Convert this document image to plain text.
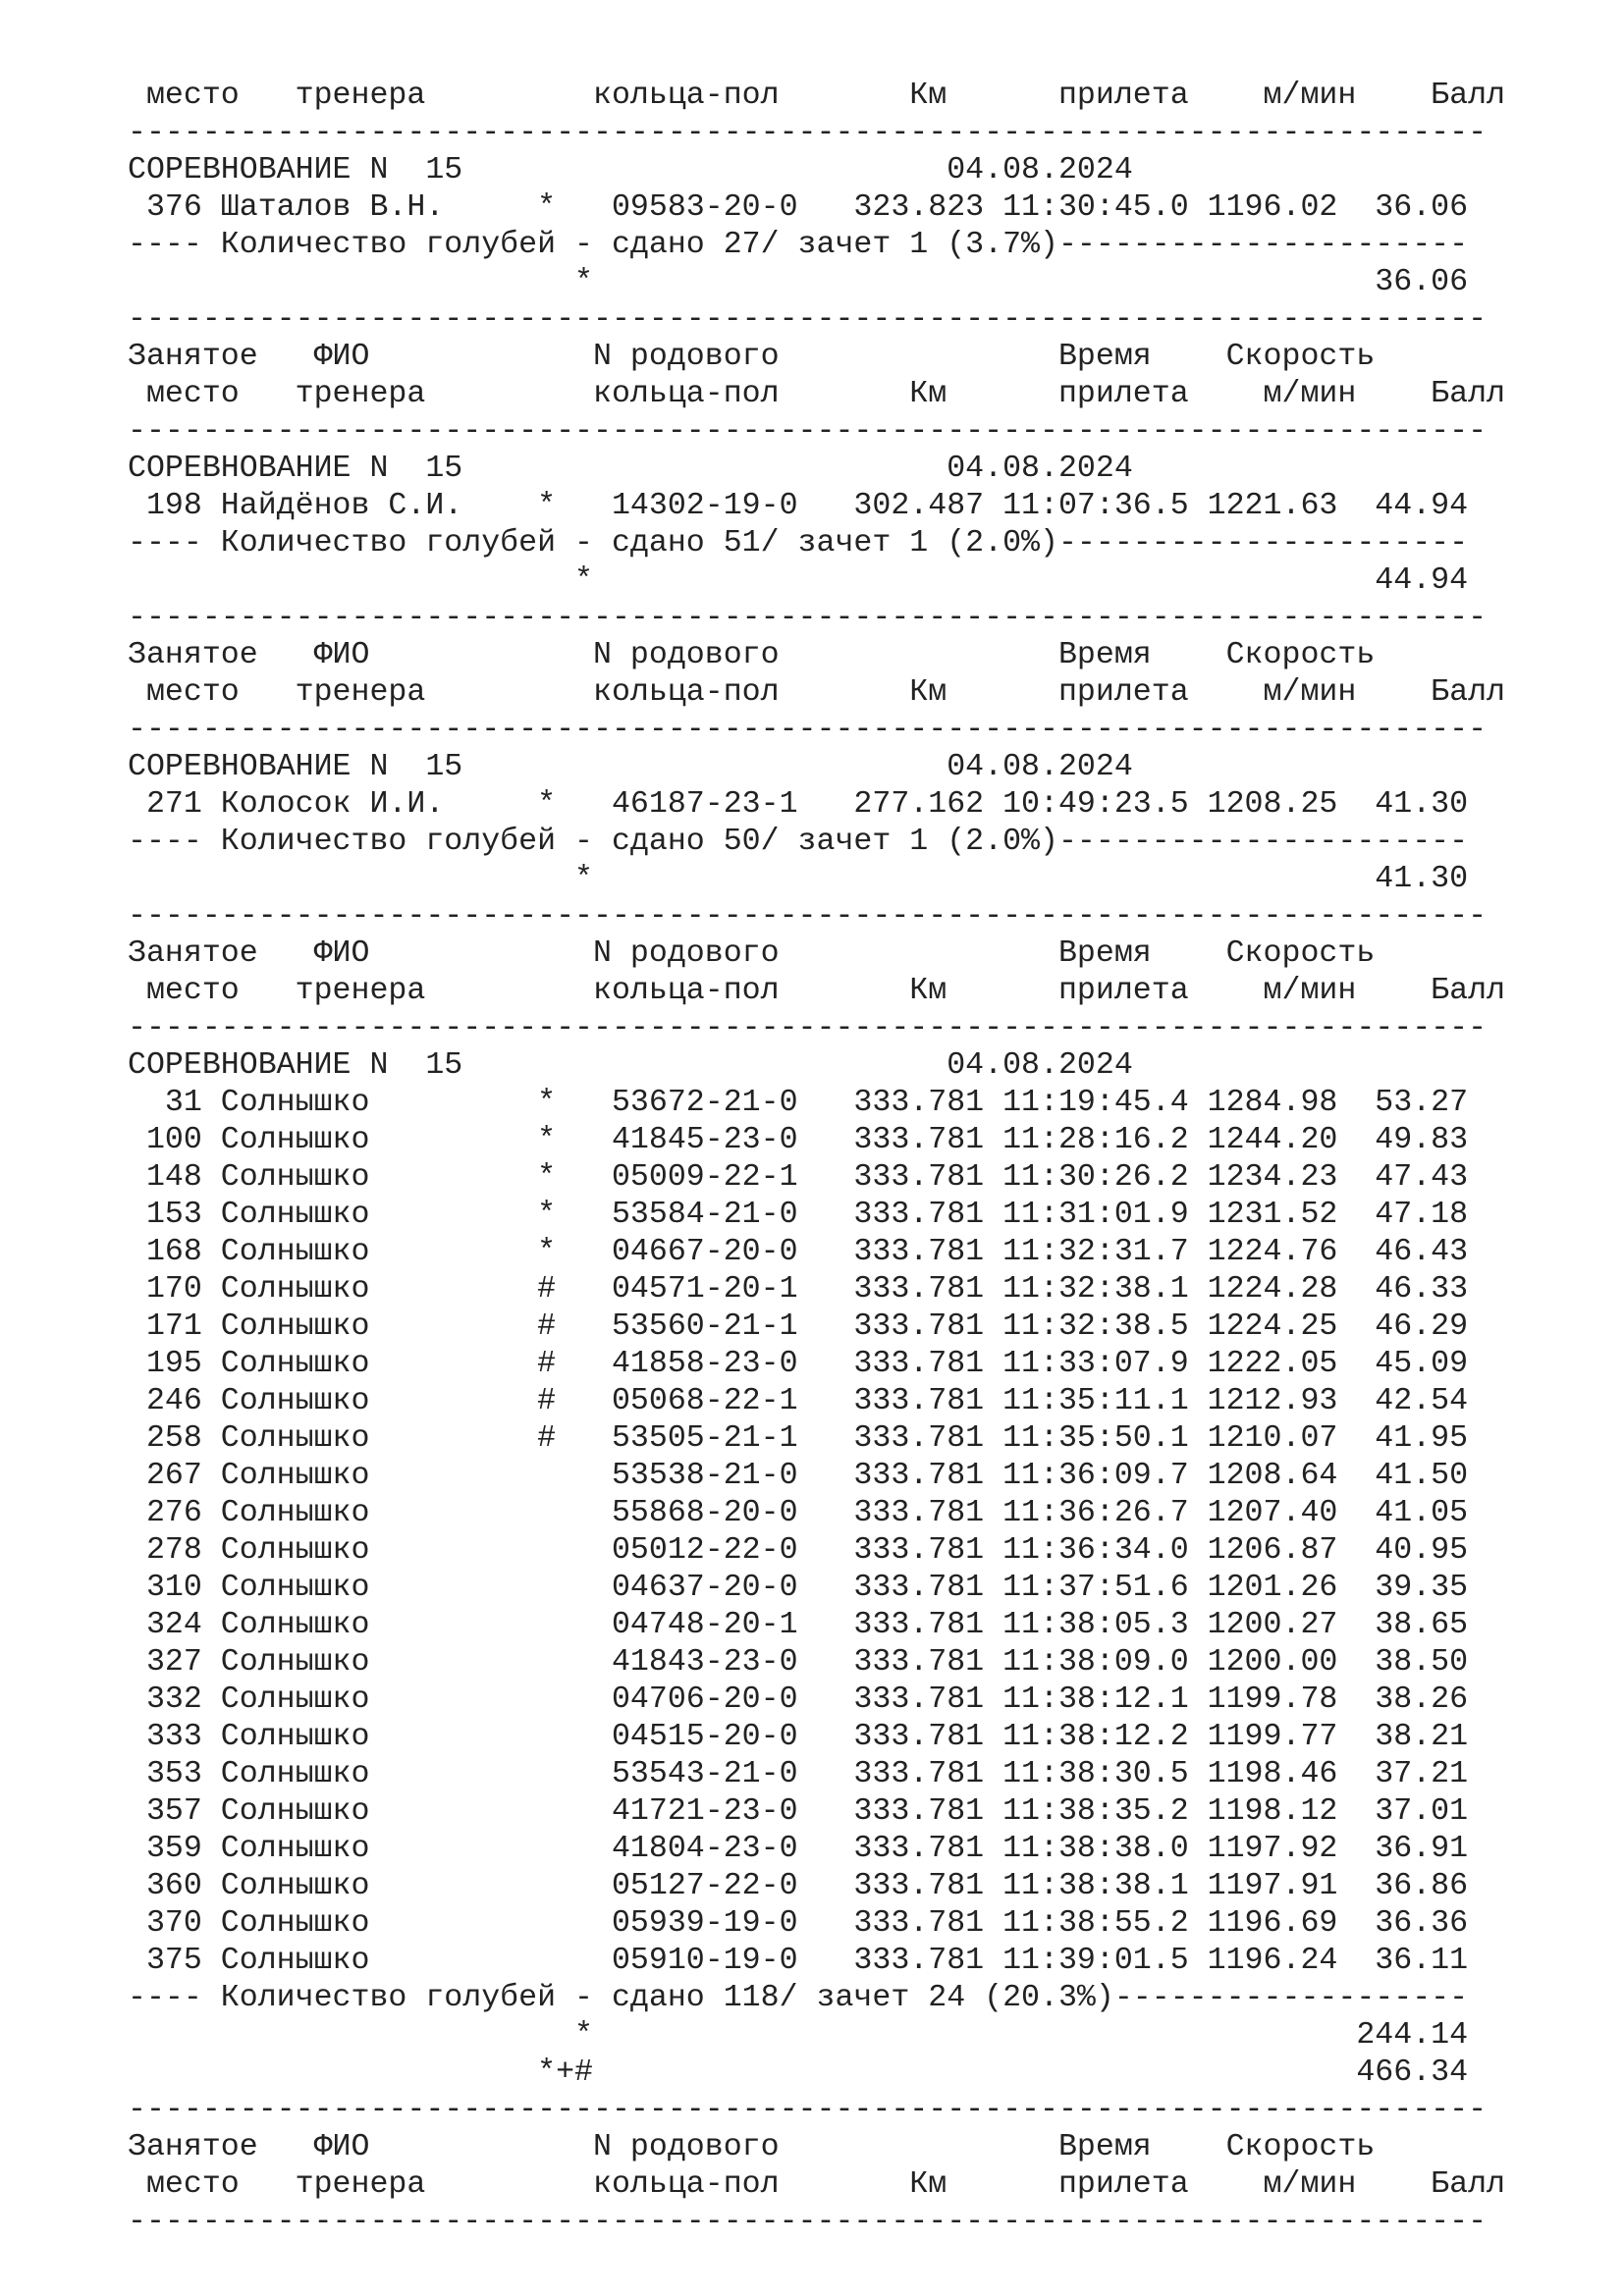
место   тренера         кольца-пол       Км      прилета    м/мин    Балл
-------------------------------------------------------------------------
СОРЕВНОВАНИЕ N  15                          04.08.2024
376 Шаталов В.Н.     *   09583-20-0   323.823 11:30:45.0 1196.02  36.06
---- Количество голубей - сдано 27/ зачет 1 (3.7%)----------------------
*                                          36.06
-------------------------------------------------------------------------
Занятое   ФИО            N родового               Время    Скорость
место   тренера         кольца-пол       Км      прилета    м/мин    Балл
-------------------------------------------------------------------------
СОРЕВНОВАНИЕ N  15                          04.08.2024
198 Найдёнов С.И.    *   14302-19-0   302.487 11:07:36.5 1221.63  44.94
---- Количество голубей - сдано 51/ зачет 1 (2.0%)----------------------
*                                          44.94
-------------------------------------------------------------------------
Занятое   ФИО            N родового               Время    Скорость
место   тренера         кольца-пол       Км      прилета    м/мин    Балл
-------------------------------------------------------------------------
СОРЕВНОВАНИЕ N  15                          04.08.2024
271 Колосок И.И.     *   46187-23-1   277.162 10:49:23.5 1208.25  41.30
---- Количество голубей - сдано 50/ зачет 1 (2.0%)----------------------
*                                          41.30
-------------------------------------------------------------------------
Занятое   ФИО            N родового               Время    Скорость
место   тренера         кольца-пол       Км      прилета    м/мин    Балл
-------------------------------------------------------------------------
СОРЕВНОВАНИЕ N  15                          04.08.2024
31 Солнышко         *   53672-21-0   333.781 11:19:45.4 1284.98  53.27
100 Солнышко         *   41845-23-0   333.781 11:28:16.2 1244.20  49.83
148 Солнышко         *   05009-22-1   333.781 11:30:26.2 1234.23  47.43
153 Солнышко         *   53584-21-0   333.781 11:31:01.9 1231.52  47.18
168 Солнышко         *   04667-20-0   333.781 11:32:31.7 1224.76  46.43
170 Солнышко         #   04571-20-1   333.781 11:32:38.1 1224.28  46.33
171 Солнышко         #   53560-21-1   333.781 11:32:38.5 1224.25  46.29
195 Солнышко         #   41858-23-0   333.781 11:33:07.9 1222.05  45.09
246 Солнышко         #   05068-22-1   333.781 11:35:11.1 1212.93  42.54
258 Солнышко         #   53505-21-1   333.781 11:35:50.1 1210.07  41.95
267 Солнышко             53538-21-0   333.781 11:36:09.7 1208.64  41.50
276 Солнышко             55868-20-0   333.781 11:36:26.7 1207.40  41.05
278 Солнышко             05012-22-0   333.781 11:36:34.0 1206.87  40.95
310 Солнышко             04637-20-0   333.781 11:37:51.6 1201.26  39.35
324 Солнышко             04748-20-1   333.781 11:38:05.3 1200.27  38.65
327 Солнышко             41843-23-0   333.781 11:38:09.0 1200.00  38.50
332 Солнышко             04706-20-0   333.781 11:38:12.1 1199.78  38.26
333 Солнышко             04515-20-0   333.781 11:38:12.2 1199.77  38.21
353 Солнышко             53543-21-0   333.781 11:38:30.5 1198.46  37.21
357 Солнышко             41721-23-0   333.781 11:38:35.2 1198.12  37.01
359 Солнышко             41804-23-0   333.781 11:38:38.0 1197.92  36.91
360 Солнышко             05127-22-0   333.781 11:38:38.1 1197.91  36.86
370 Солнышко             05939-19-0   333.781 11:38:55.2 1196.69  36.36
375 Солнышко             05910-19-0   333.781 11:39:01.5 1196.24  36.11
---- Количество голубей - сдано 118/ зачет 24 (20.3%)-------------------
*                                         244.14
*+#                                         466.34
-------------------------------------------------------------------------
Занятое   ФИО            N родового               Время    Скорость
место   тренера         кольца-пол       Км      прилета    м/мин    Балл
-------------------------------------------------------------------------
